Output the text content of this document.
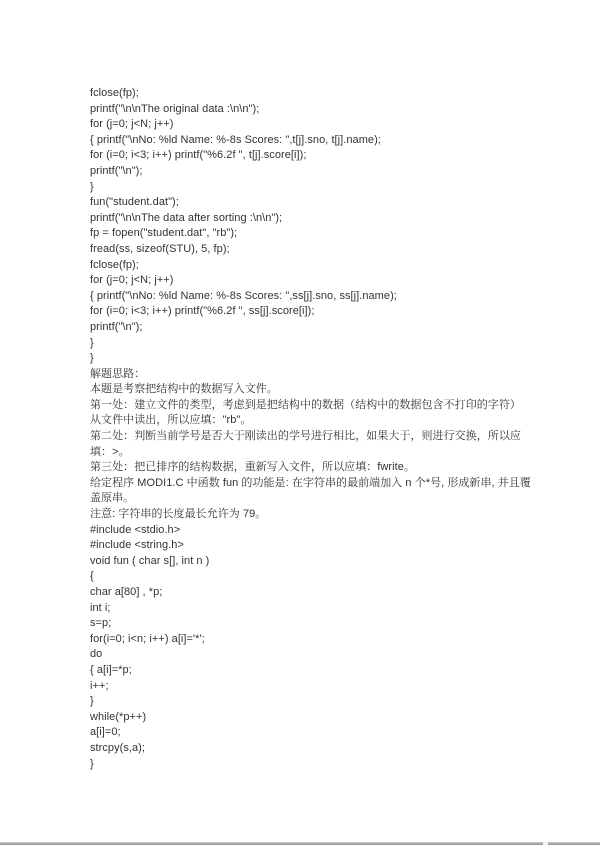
fclose(fp);
printf("\n\nThe original data :\n\n");
for (j=0; j<N; j++)
{ printf("\nNo: %ld Name: %-8s Scores: ",t[j].sno, t[j].name);
for (i=0; i<3; i++) printf("%6.2f ", t[j].score[i]);
printf("\n");
}
fun("student.dat");
printf("\n\nThe data after sorting :\n\n");
fp = fopen("student.dat", "rb");
fread(ss, sizeof(STU), 5, fp);
fclose(fp);
for (j=0; j<N; j++)
{ printf("\nNo: %ld Name: %-8s Scores: ",ss[j].sno, ss[j].name);
for (i=0; i<3; i++) printf("%6.2f ", ss[j].score[i]);
printf("\n");
}
}
解题思路：
本题是考察把结构中的数据写入文件。
第一处：建立文件的类型，考虑到是把结构中的数据（结构中的数据包含不打印的字符）
从文件中读出，所以应填："rb"。
第二处：判断当前学号是否大于刚读出的学号进行相比，如果大于，则进行交换，所以应
填：>。
第三处：把已排序的结构数据，重新写入文件，所以应填：fwrite。
给定程序 MODI1.C 中函数 fun 的功能是: 在字符串的最前端加入 n 个*号, 形成新串, 并且覆
盖原串。
注意: 字符串的长度最长允许为 79。
#include <stdio.h>
#include <string.h>
void fun ( char s[], int n )
{
char a[80] , *p;
int i;
s=p;
for(i=0; i<n; i++) a[i]='*';
do
{ a[i]=*p;
i++;
}
while(*p++)
a[i]=0;
strcpy(s,a);
}
